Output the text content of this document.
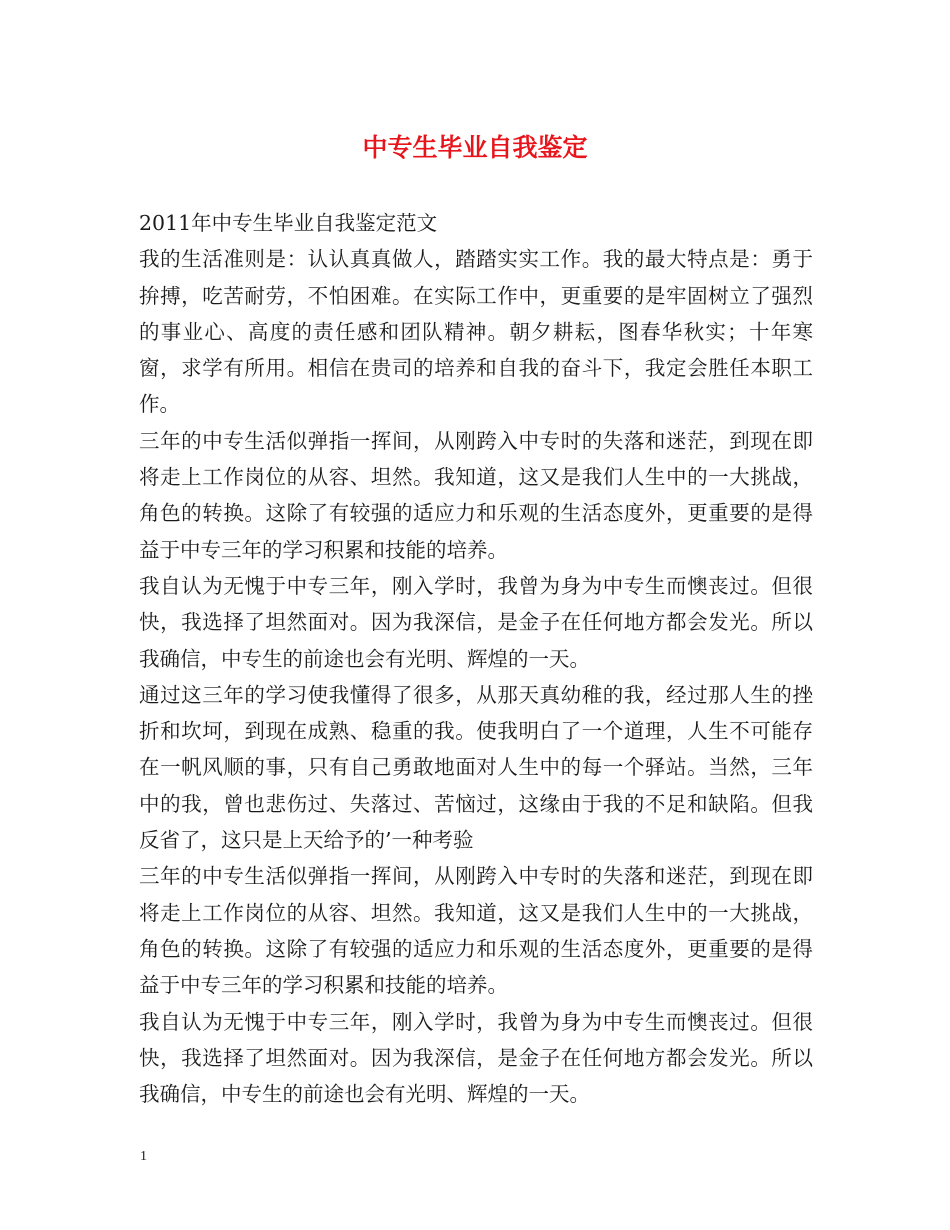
中专生毕业自我鉴定

2011年中专生毕业自我鉴定范文

我的生活准则是：认认真真做人，踏踏实实工作。我的最大特点是：勇于拚搏，吃苦耐劳，不怕困难。在实际工作中，更重要的是牢固树立了强烈的事业心、高度的责任感和团队精神。朝夕耕耘，图春华秋实；十年寒窗，求学有所用。相信在贵司的培养和自我的奋斗下，我定会胜任本职工作。

三年的中专生活似弹指一挥间，从刚跨入中专时的失落和迷茫，到现在即将走上工作岗位的从容、坦然。我知道，这又是我们人生中的一大挑战，角色的转换。这除了有较强的适应力和乐观的生活态度外，更重要的是得益于中专三年的学习积累和技能的培养。

我自认为无愧于中专三年，刚入学时，我曾为身为中专生而懊丧过。但很快，我选择了坦然面对。因为我深信，是金子在任何地方都会发光。所以我确信，中专生的前途也会有光明、辉煌的一天。

通过这三年的学习使我懂得了很多，从那天真幼稚的我，经过那人生的挫折和坎坷，到现在成熟、稳重的我。使我明白了一个道理，人生不可能存在一帆风顺的事，只有自己勇敢地面对人生中的每一个驿站。当然，三年中的我，曾也悲伤过、失落过、苦恼过，这缘由于我的不足和缺陷。但我反省了，这只是上天给予的’一种考验

三年的中专生活似弹指一挥间，从刚跨入中专时的失落和迷茫，到现在即将走上工作岗位的从容、坦然。我知道，这又是我们人生中的一大挑战，角色的转换。这除了有较强的适应力和乐观的生活态度外，更重要的是得益于中专三年的学习积累和技能的培养。

我自认为无愧于中专三年，刚入学时，我曾为身为中专生而懊丧过。但很快，我选择了坦然面对。因为我深信，是金子在任何地方都会发光。所以我确信，中专生的前途也会有光明、辉煌的一天。

1
